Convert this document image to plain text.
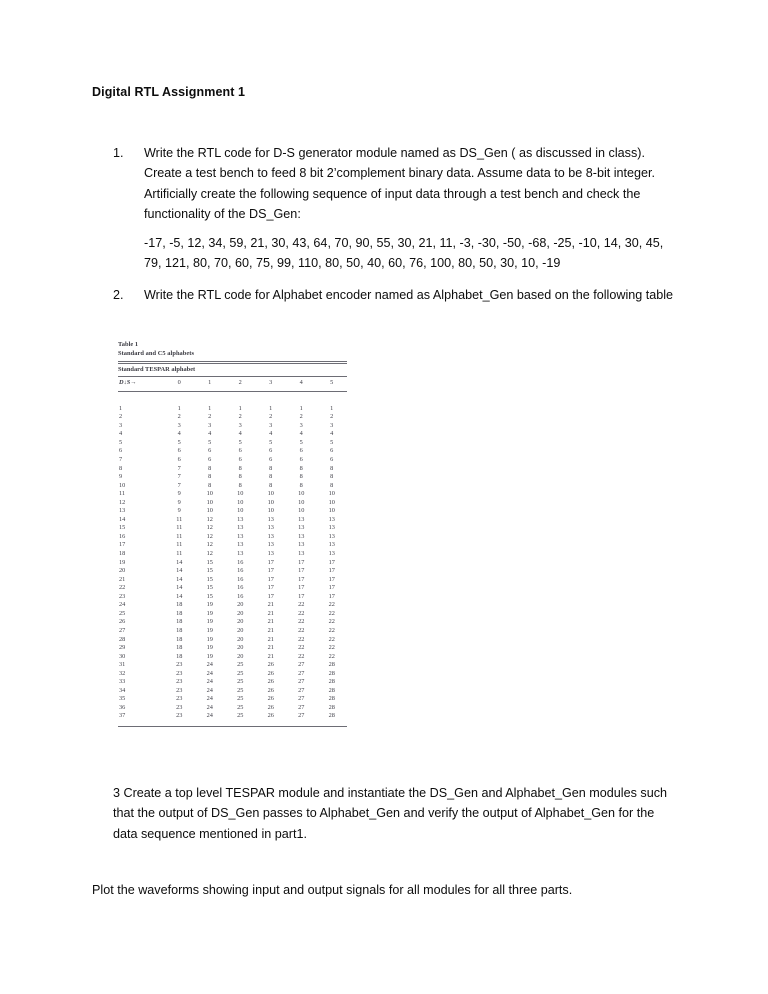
Digital RTL Assignment 1
1. Write the RTL code for D-S generator module named as DS_Gen ( as discussed in class). Create a test bench to feed 8 bit 2’complement binary data. Assume data to be 8-bit integer. Artificially create the following sequence of input data through a test bench and check the functionality of the DS_Gen:
-17, -5, 12, 34, 59, 21, 30, 43, 64, 70, 90, 55, 30, 21, 11, -3, -30, -50, -68, -25, -10, 14, 30, 45, 79, 121, 80, 70, 60, 75, 99, 110, 80, 50, 40, 60, 76, 100, 80, 50, 30, 10, -19
2. Write the RTL code for Alphabet encoder named as Alphabet_Gen based on the following table
Table 1
Standard and C5 alphabets
Standard TESPAR alphabet
D↓S→	0	1	2	3	4	5
1	1	1	1	1	1	1
2	2	2	2	2	2	2
3	3	3	3	3	3	3
4	4	4	4	4	4	4
5	5	5	5	5	5	5
6	6	6	6	6	6	6
7	6	6	6	6	6	6
8	7	8	8	8	8	8
9	7	8	8	8	8	8
10	7	8	8	8	8	8
11	9	10	10	10	10	10
12	9	10	10	10	10	10
13	9	10	10	10	10	10
14	11	12	13	13	13	13
15	11	12	13	13	13	13
16	11	12	13	13	13	13
17	11	12	13	13	13	13
18	11	12	13	13	13	13
19	14	15	16	17	17	17
20	14	15	16	17	17	17
21	14	15	16	17	17	17
22	14	15	16	17	17	17
23	14	15	16	17	17	17
24	18	19	20	21	22	22
25	18	19	20	21	22	22
26	18	19	20	21	22	22
27	18	19	20	21	22	22
28	18	19	20	21	22	22
29	18	19	20	21	22	22
30	18	19	20	21	22	22
31	23	24	25	26	27	28
32	23	24	25	26	27	28
33	23	24	25	26	27	28
34	23	24	25	26	27	28
35	23	24	25	26	27	28
36	23	24	25	26	27	28
37	23	24	25	26	27	28
3 Create a top level TESPAR module and instantiate the DS_Gen and Alphabet_Gen modules such that the output of DS_Gen passes to Alphabet_Gen and verify the output of Alphabet_Gen for the data sequence mentioned in part1.
Plot the waveforms showing input and output signals for all modules for all three parts.
